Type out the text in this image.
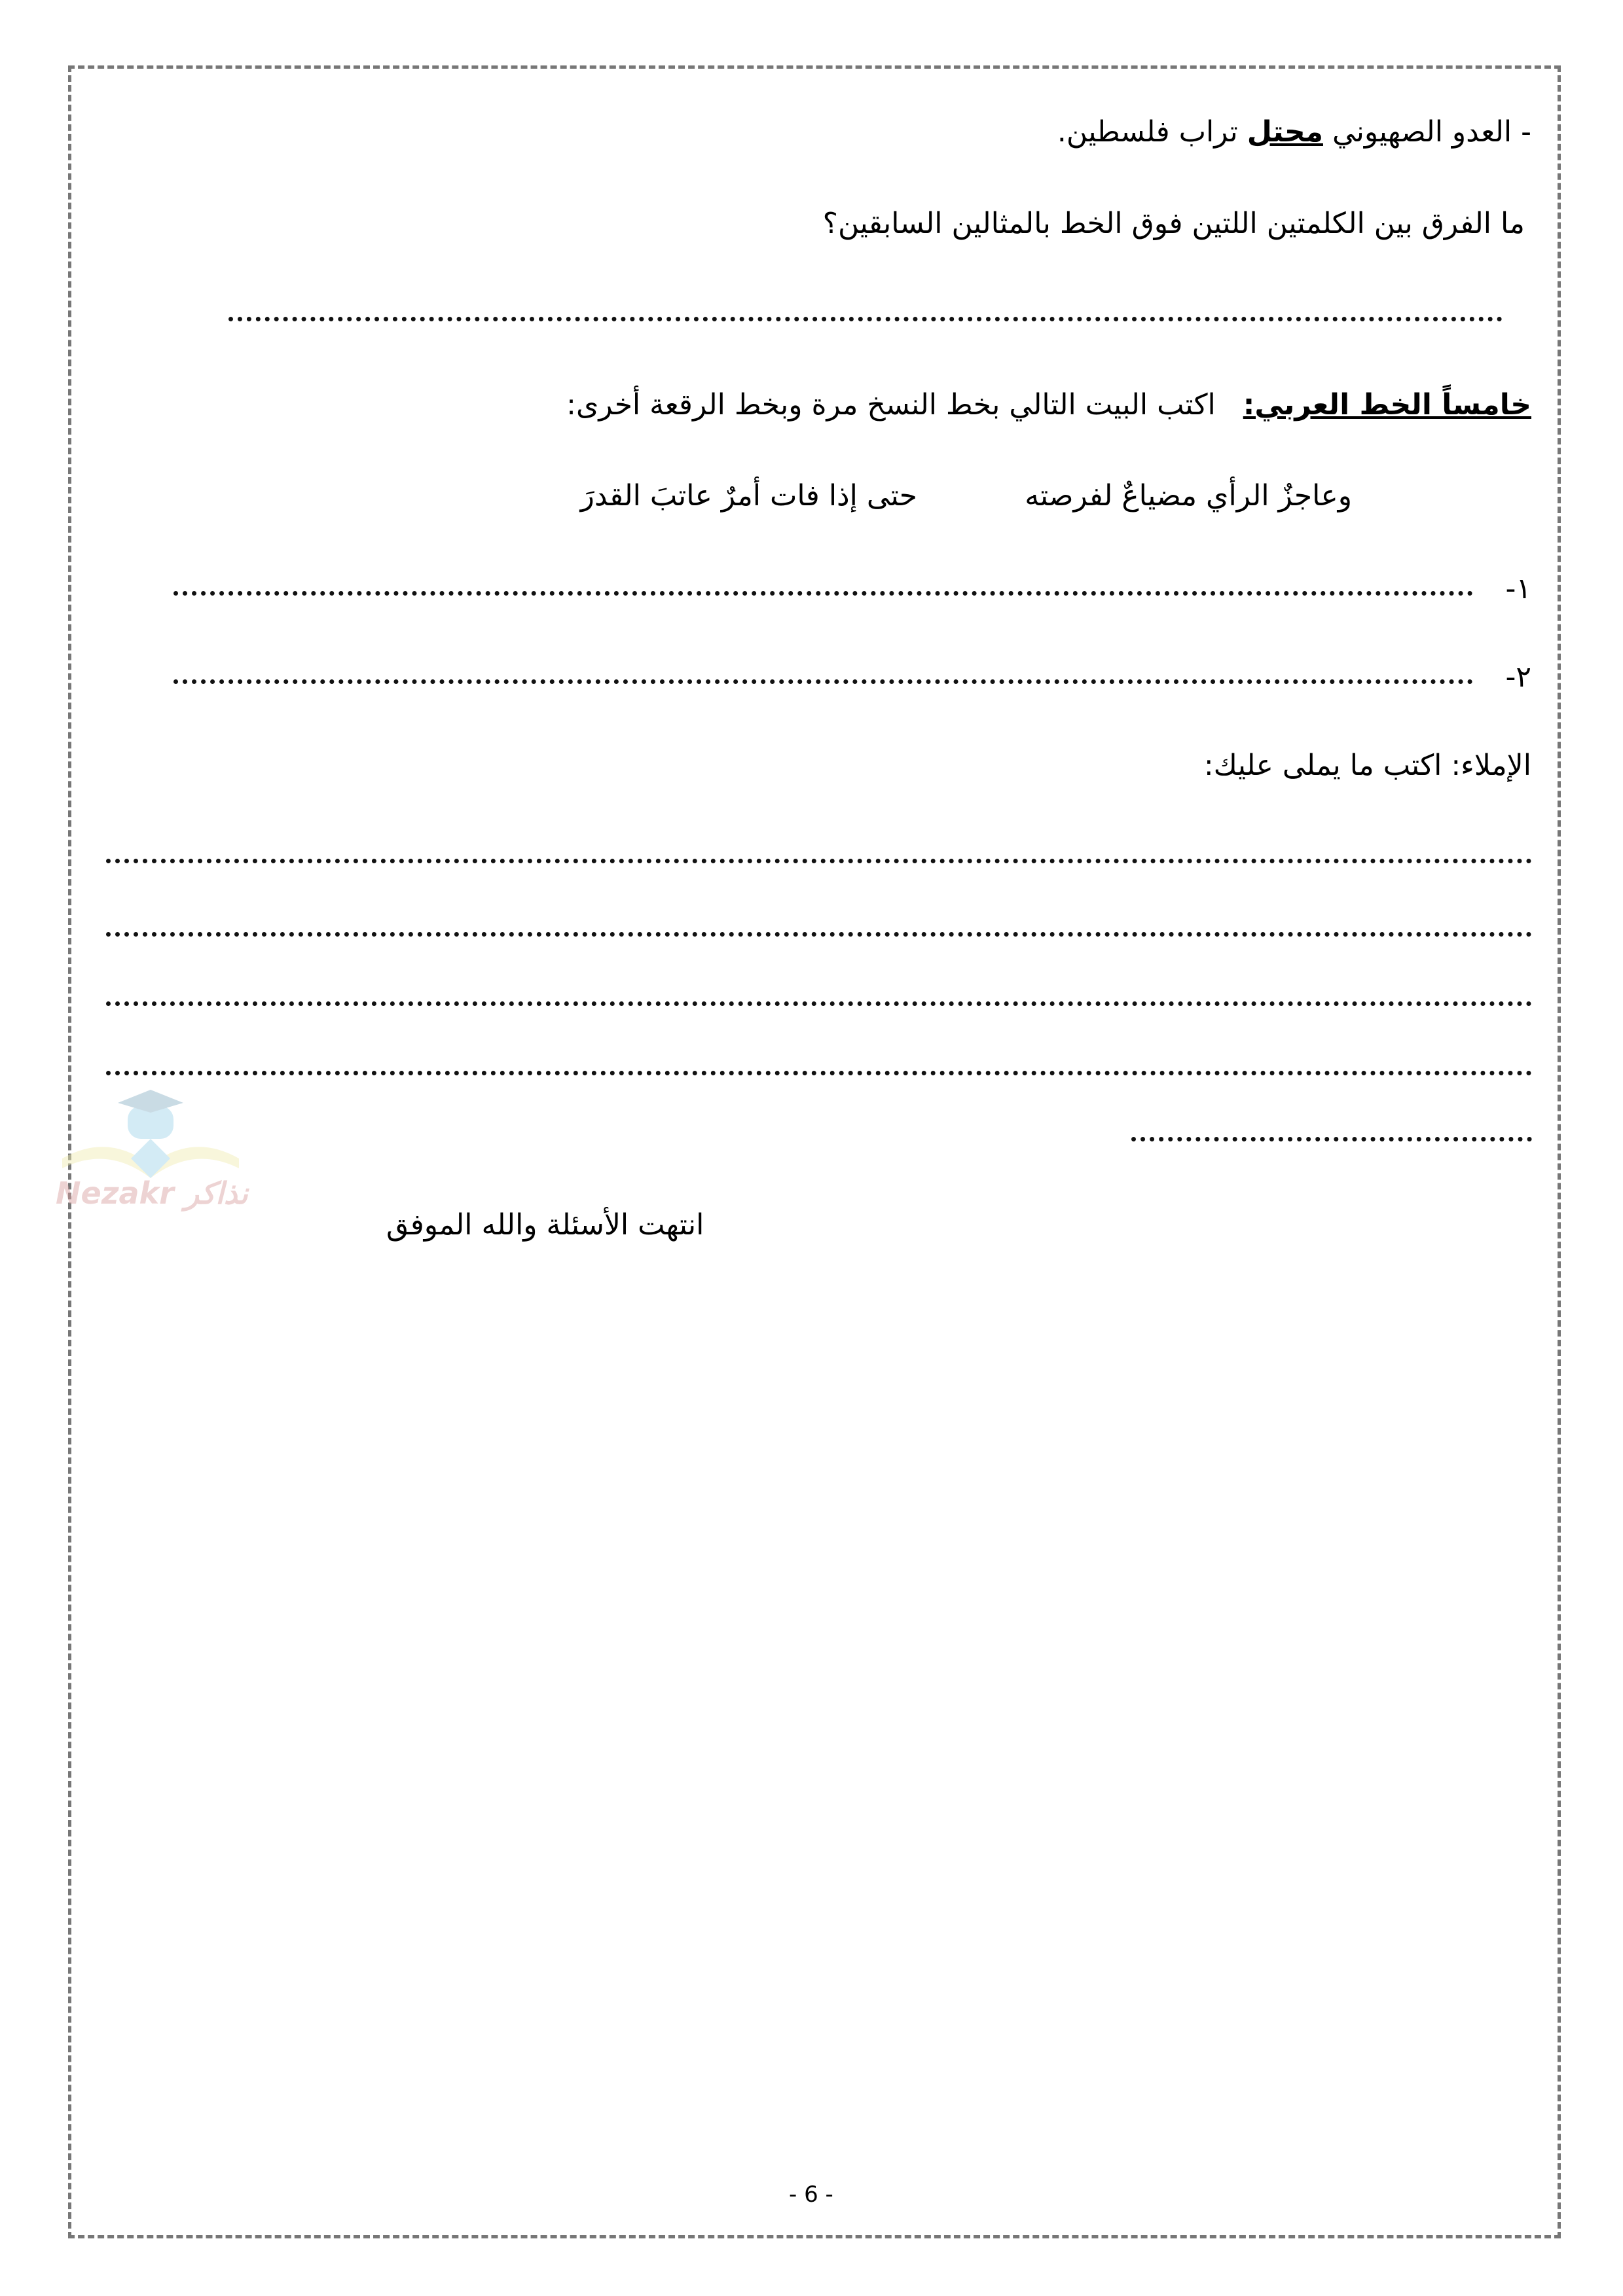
- العدو الصهيوني محتل تراب فلسطين.
ما الفرق بين الكلمتين اللتين فوق الخط بالمثالين السابقين؟
خامساً الخط العربي:   اكتب البيت التالي بخط النسخ مرة وبخط الرقعة أخرى:
وعاجزٌ الرأي مضياعٌ لفرصته
حتى إذا فات أمرٌ عاتبَ القدرَ
١-
٢-
الإملاء: اكتب ما يملى عليك:
Nezakr نذاكر
انتهت الأسئلة والله الموفق
- 6 -
